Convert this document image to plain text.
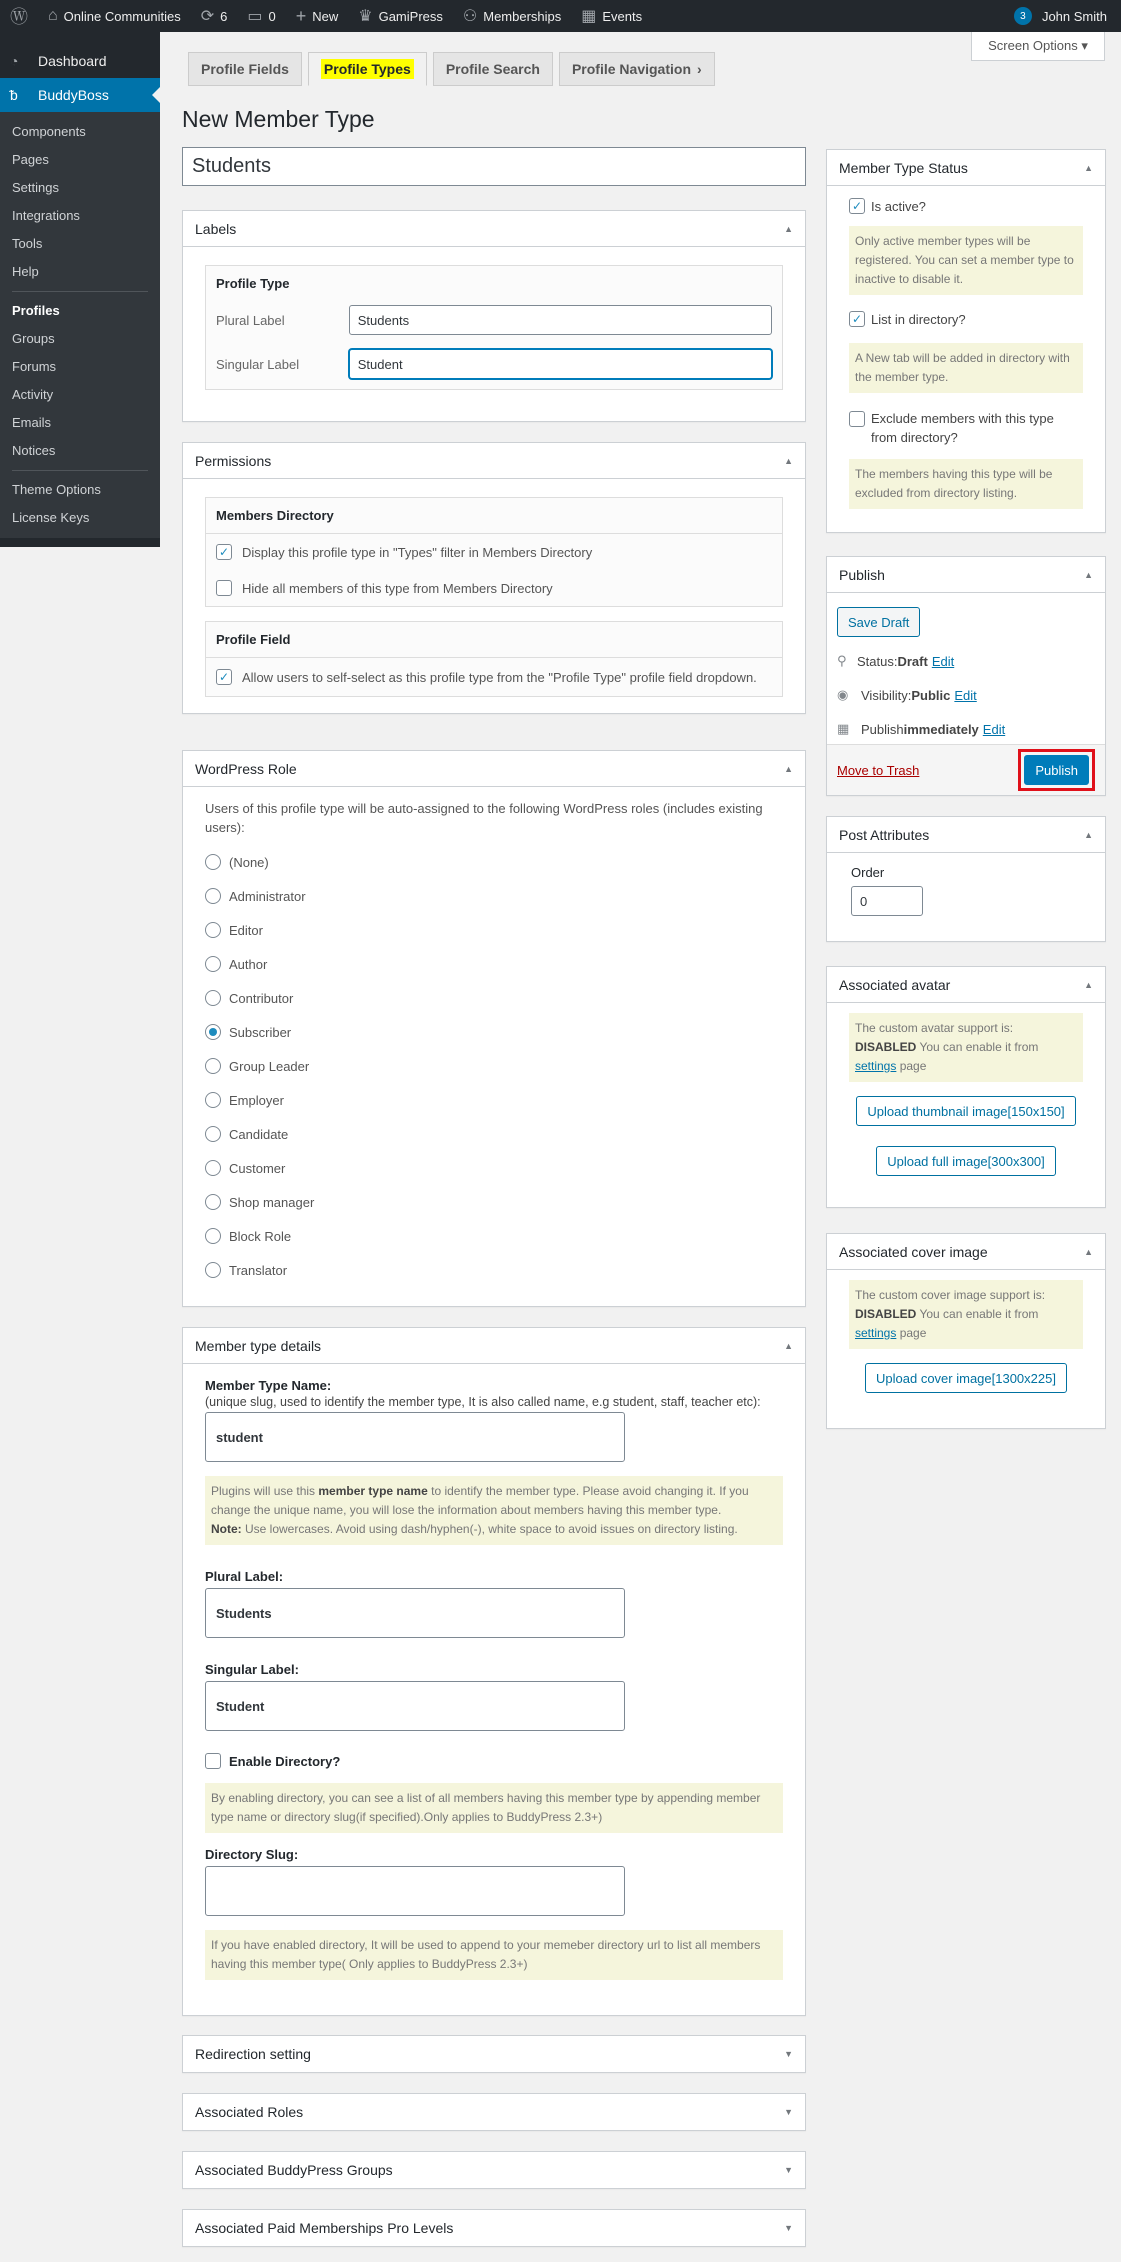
Ⓦ ⌂ Online Communities ⟳ 6 ▭ 0 + New ♛ GamiPress ⚇ Memberships ▦ Events	3	John Smith
◔	Dashboard
ᵬ	BuddyBoss
Components
Pages
Settings
Integrations
Tools
Help
Profiles
Groups
Forums
Activity
Emails
Notices
Theme Options
License Keys
Screen Options ▾
Profile Fields	Profile Types	Profile Search	Profile Navigation ›
New Member Type
Students
Labels	▲
Profile Type
Plural Label	Students
Singular Label	Student
Permissions	▲
Members Directory
✓ Display this profile type in "Types" filter in Members Directory
Hide all members of this type from Members Directory
Profile Field
✓ Allow users to self-select as this profile type from the "Profile Type" profile field dropdown.
WordPress Role	▲

Users of this profile type will be auto-assigned to the following WordPress roles (includes existing users):

(None)
Administrator
Editor
Author
Contributor
Subscriber
Group Leader
Employer
Candidate
Customer
Shop manager
Block Role
Translator
Member type details	▲
Member Type Name:
(unique slug, used to identify the member type, It is also called name, e.g student, staff, teacher etc):
student
Plugins will use this member type name to identify the member type. Please avoid changing it. If you change the unique name, you will lose the information about members having this member type.
Note: Use lowercases. Avoid using dash/hyphen(-), white space to avoid issues on directory listing.
Plural Label:
Students
Singular Label:
Student
Enable Directory?
By enabling directory, you can see a list of all members having this member type by appending member type name or directory slug(if specified).Only applies to BuddyPress 2.3+)
Directory Slug:
If you have enabled directory, It will be used to append to your memeber directory url to list all members having this member type( Only applies to BuddyPress 2.3+)
Redirection setting	▼
Associated Roles	▼
Associated BuddyPress Groups	▼
Associated Paid Memberships Pro Levels	▼
Member Type Status	▲
✓ Is active?
Only active member types will be registered. You can set a member type to inactive to disable it.
✓ List in directory?
A New tab will be added in directory with the member type.
Exclude members with this type from directory?
The members having this type will be excluded from directory listing.
Publish	▲
Save Draft
⚲ Status: Draft Edit
◉ Visibility: Public Edit
▦ Publish immediately Edit
Move to Trash	Publish
Post Attributes	▲
Order
0
Associated avatar	▲
The custom avatar support is: DISABLED You can enable it from settings page
Upload thumbnail image[150x150]
Upload full image[300x300]
Associated cover image	▲
The custom cover image support is: DISABLED You can enable it from settings page
Upload cover image[1300x225]
